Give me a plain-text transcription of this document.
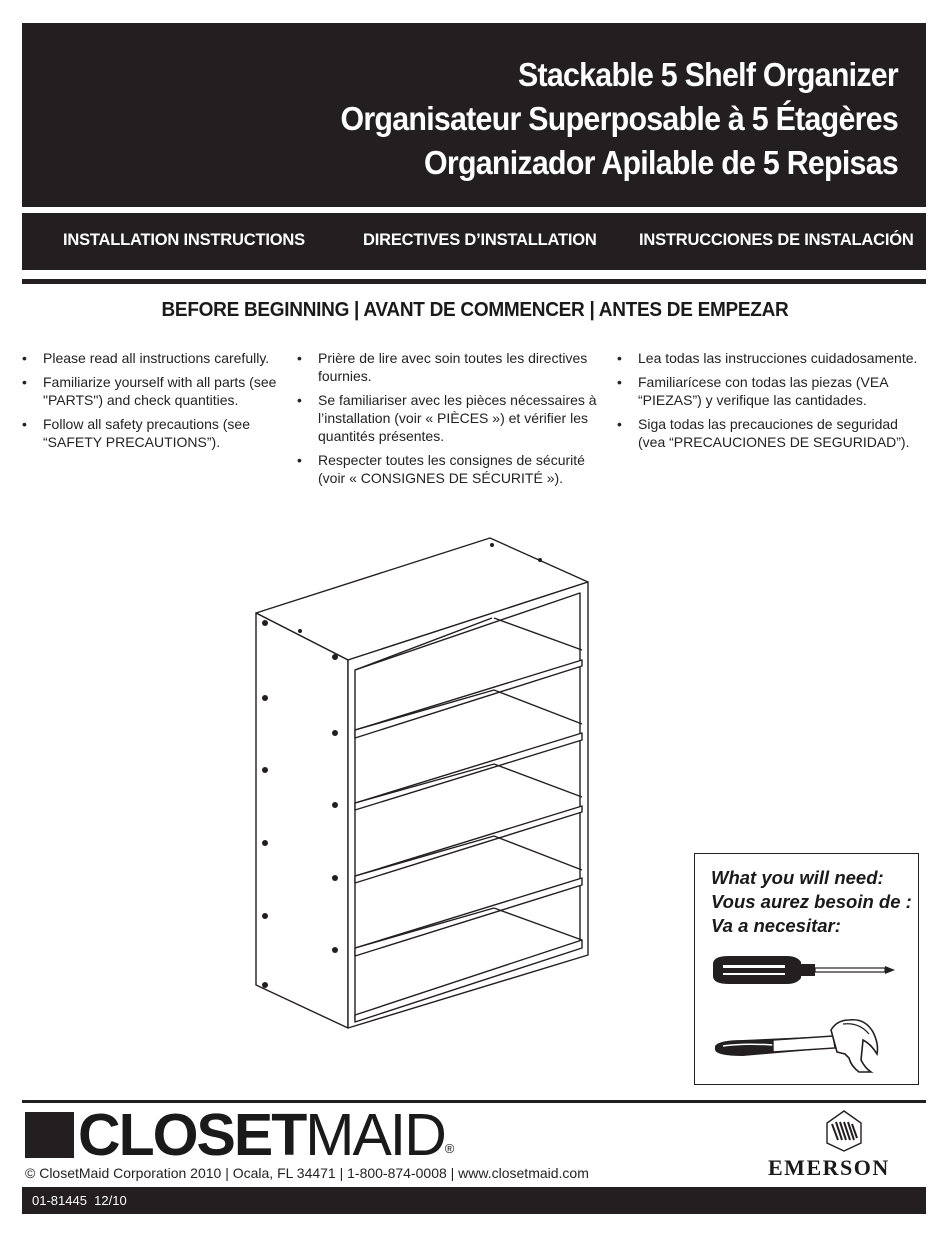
Stackable 5 Shelf Organizer
Organisateur Superposable à 5 Étagères
Organizador Apilable de 5 Repisas
INSTALLATION INSTRUCTIONS	DIRECTIVES D’INSTALLATION	INSTRUCCIONES DE INSTALACIÓN
BEFORE BEGINNING | AVANT DE COMMENCER | ANTES DE EMPEZAR
• Please read all instructions carefully.
• Familiarize yourself with all parts (see "PARTS") and check quantities.
• Follow all safety precautions (see “SAFETY PRECAUTIONS”).
• Prière de lire avec soin toutes les directives fournies.
• Se familiariser avec les pièces nécessaires à l’installation (voir « PIÈCES ») et vérifier les quantités présentes.
• Respecter toutes les consignes de sécurité (voir « CONSIGNES DE SÉCURITÉ »).
• Lea todas las instrucciones cuidadosamente.
• Familiarícese con todas las piezas (VEA “PIEZAS”) y verifique las cantidades.
• Siga todas las precauciones de seguridad (vea “PRECAUCIONES DE SEGURIDAD”).
What you will need:
Vous aurez besoin de :
Va a necesitar:
CLOSETMAID®
© ClosetMaid Corporation 2010 | Ocala, FL 34471 | 1-800-874-0008 | www.closetmaid.com	EMERSON
01-81445  12/10
